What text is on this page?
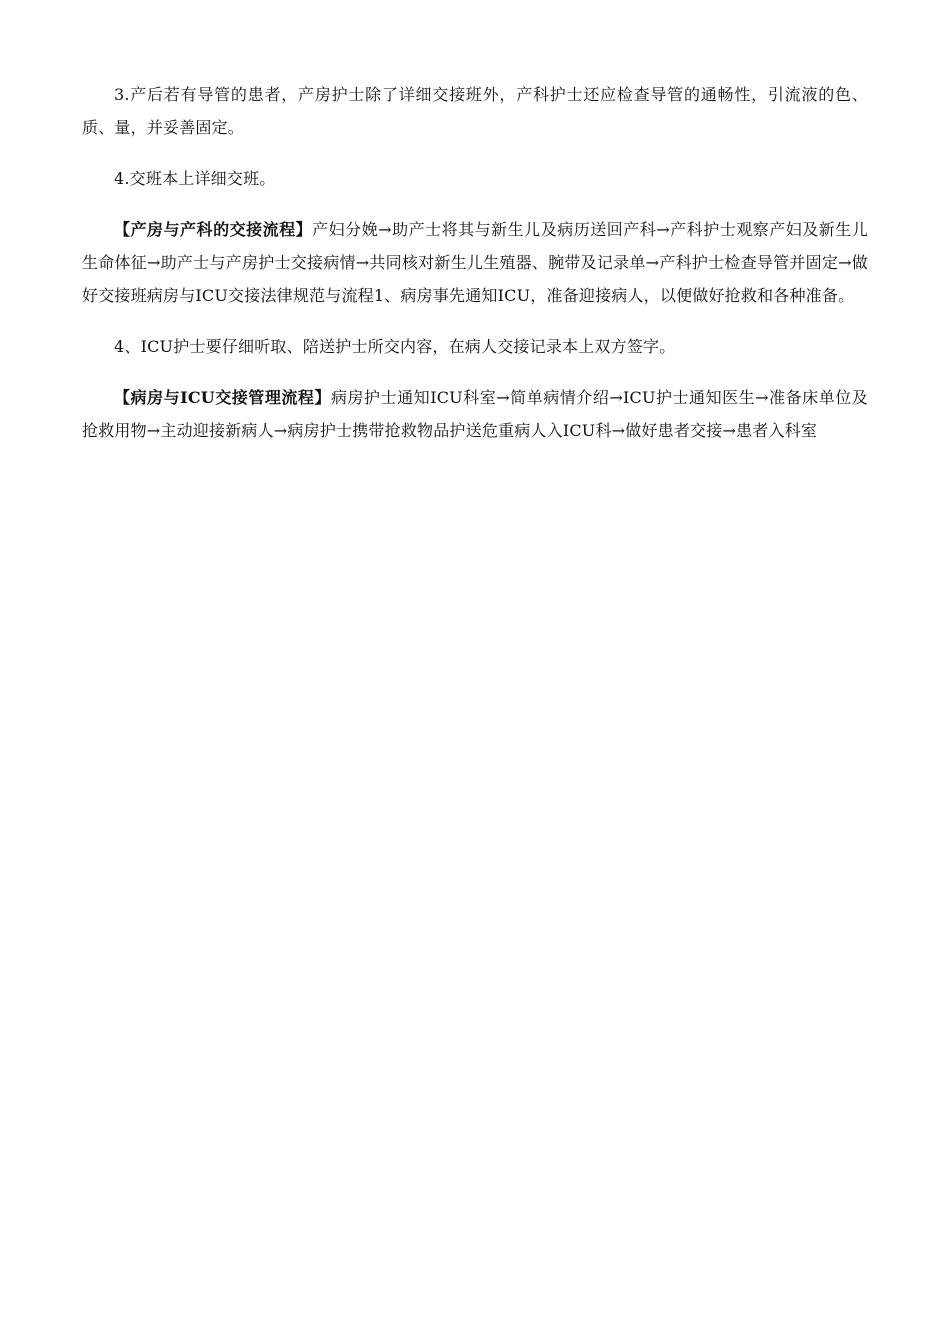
3.产后若有导管的患者，产房护士除了详细交接班外，产科护士还应检查导管的通畅性，引流液的色、质、量，并妥善固定。

4.交班本上详细交班。

【产房与产科的交接流程】产妇分娩→助产士将其与新生儿及病历送回产科→产科护士观察产妇及新生儿生命体征→助产士与产房护士交接病情→共同核对新生儿生殖器、腕带及记录单→产科护士检查导管并固定→做好交接班病房与ICU交接法律规范与流程1、病房事先通知ICU，准备迎接病人，以便做好抢救和各种准备。

4、ICU护士要仔细听取、陪送护士所交内容，在病人交接记录本上双方签字。

【病房与ICU交接管理流程】病房护士通知ICU科室→简单病情介绍→ICU护士通知医生→准备床单位及抢救用物→主动迎接新病人→病房护士携带抢救物品护送危重病人入ICU科→做好患者交接→患者入科室
